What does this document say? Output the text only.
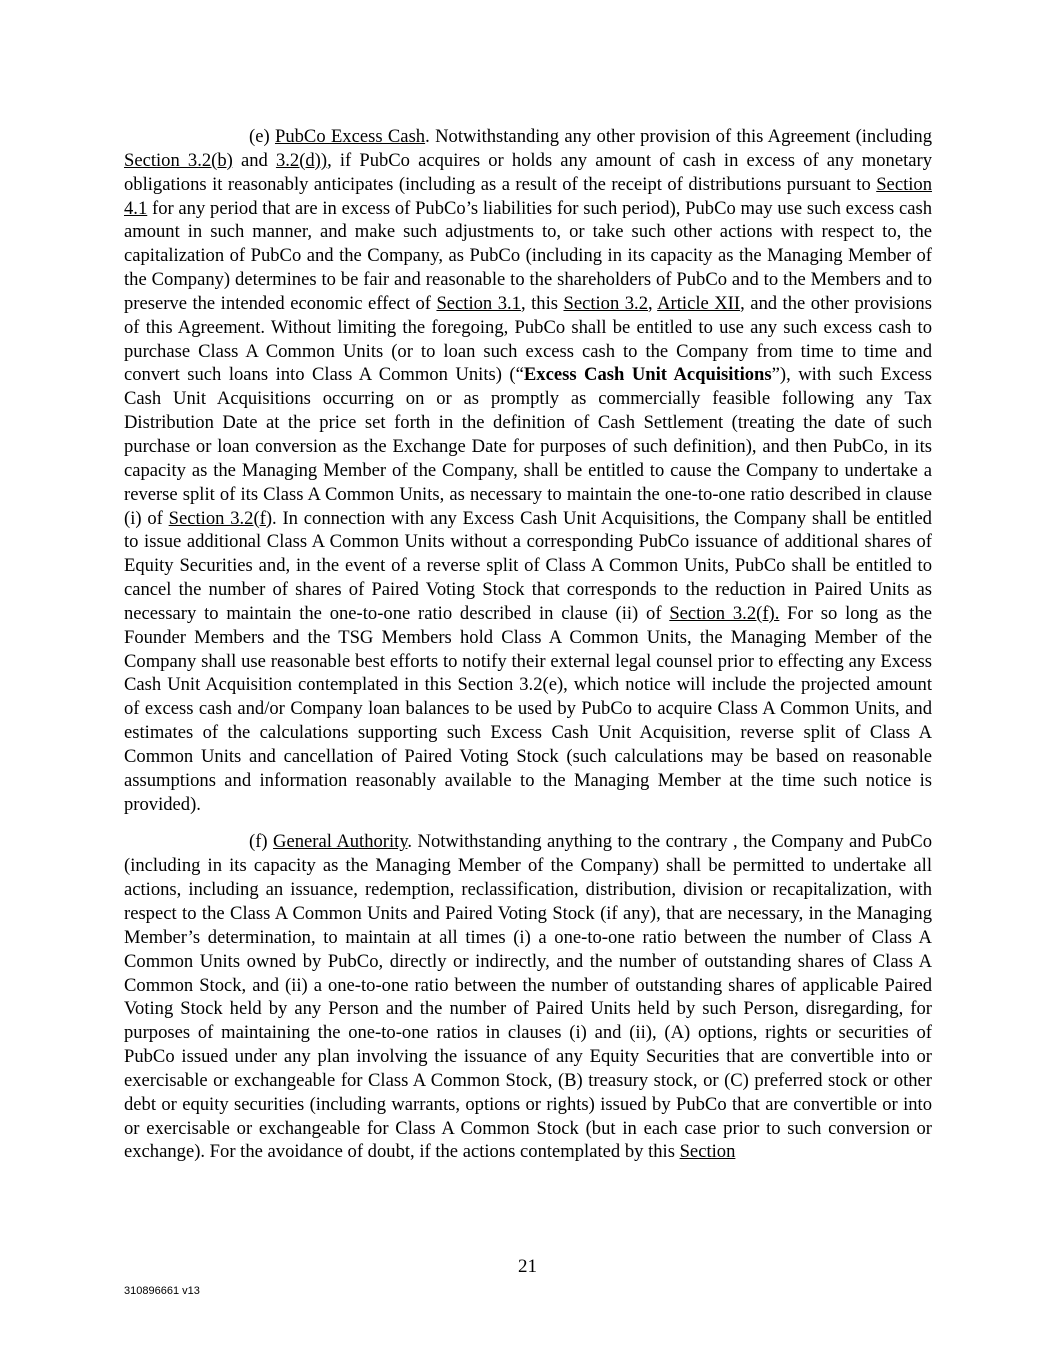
(e) PubCo Excess Cash. Notwithstanding any other provision of this Agreement (including Section 3.2(b) and 3.2(d)), if PubCo acquires or holds any amount of cash in excess of any monetary obligations it reasonably anticipates (including as a result of the receipt of distributions pursuant to Section 4.1 for any period that are in excess of PubCo’s liabilities for such period), PubCo may use such excess cash amount in such manner, and make such adjustments to, or take such other actions with respect to, the capitalization of PubCo and the Company, as PubCo (including in its capacity as the Managing Member of the Company) determines to be fair and reasonable to the shareholders of PubCo and to the Members and to preserve the intended economic effect of Section 3.1, this Section 3.2, Article XII, and the other provisions of this Agreement. Without limiting the foregoing, PubCo shall be entitled to use any such excess cash to purchase Class A Common Units (or to loan such excess cash to the Company from time to time and convert such loans into Class A Common Units) (“Excess Cash Unit Acquisitions”), with such Excess Cash Unit Acquisitions occurring on or as promptly as commercially feasible following any Tax Distribution Date at the price set forth in the definition of Cash Settlement (treating the date of such purchase or loan conversion as the Exchange Date for purposes of such definition), and then PubCo, in its capacity as the Managing Member of the Company, shall be entitled to cause the Company to undertake a reverse split of its Class A Common Units, as necessary to maintain the one-to-one ratio described in clause (i) of Section 3.2(f). In connection with any Excess Cash Unit Acquisitions, the Company shall be entitled to issue additional Class A Common Units without a corresponding PubCo issuance of additional shares of Equity Securities and, in the event of a reverse split of Class A Common Units, PubCo shall be entitled to cancel the number of shares of Paired Voting Stock that corresponds to the reduction in Paired Units as necessary to maintain the one-to-one ratio described in clause (ii) of Section 3.2(f). For so long as the Founder Members and the TSG Members hold Class A Common Units, the Managing Member of the Company shall use reasonable best efforts to notify their external legal counsel prior to effecting any Excess Cash Unit Acquisition contemplated in this Section 3.2(e), which notice will include the projected amount of excess cash and/or Company loan balances to be used by PubCo to acquire Class A Common Units, and estimates of the calculations supporting such Excess Cash Unit Acquisition, reverse split of Class A Common Units and cancellation of Paired Voting Stock (such calculations may be based on reasonable assumptions and information reasonably available to the Managing Member at the time such notice is provided).

(f) General Authority. Notwithstanding anything to the contrary , the Company and PubCo (including in its capacity as the Managing Member of the Company) shall be permitted to undertake all actions, including an issuance, redemption, reclassification, distribution, division or recapitalization, with respect to the Class A Common Units and Paired Voting Stock (if any), that are necessary, in the Managing Member’s determination, to maintain at all times (i) a one-to-one ratio between the number of Class A Common Units owned by PubCo, directly or indirectly, and the number of outstanding shares of Class A Common Stock, and (ii) a one-to-one ratio between the number of outstanding shares of applicable Paired Voting Stock held by any Person and the number of Paired Units held by such Person, disregarding, for purposes of maintaining the one-to-one ratios in clauses (i) and (ii), (A) options, rights or securities of PubCo issued under any plan involving the issuance of any Equity Securities that are convertible into or exercisable or exchangeable for Class A Common Stock, (B) treasury stock, or (C) preferred stock or other debt or equity securities (including warrants, options or rights) issued by PubCo that are convertible or into or exercisable or exchangeable for Class A Common Stock (but in each case prior to such conversion or exchange). For the avoidance of doubt, if the actions contemplated by this Section

21
310896661 v13
